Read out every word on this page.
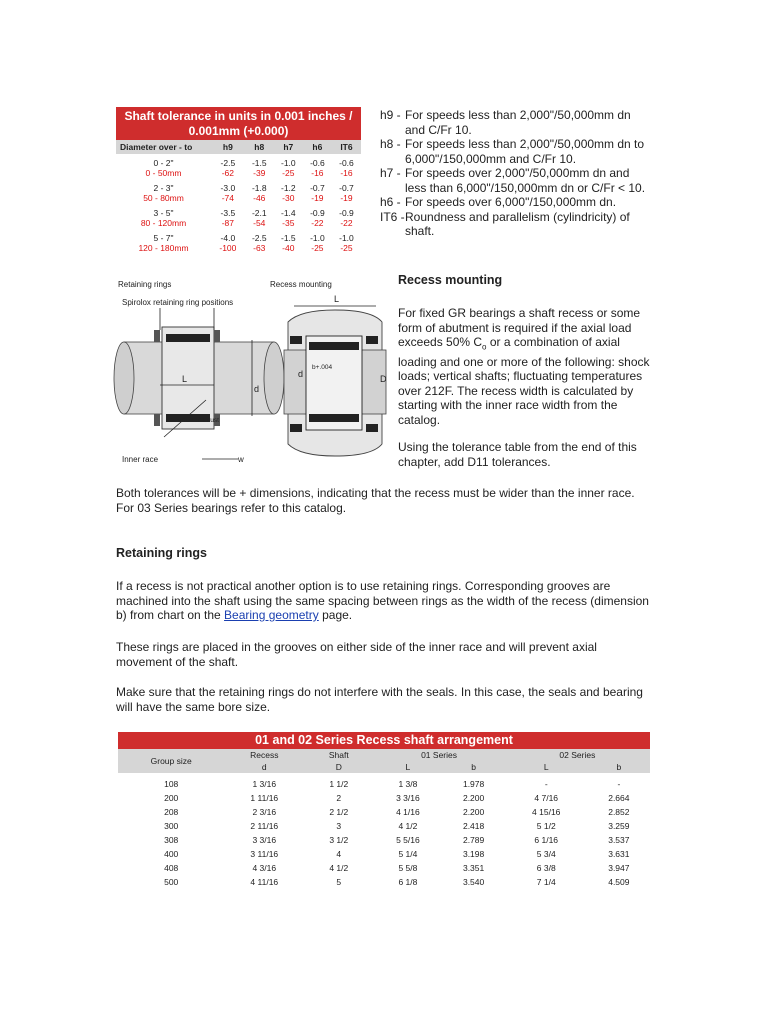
Shaft tolerance in units in 0.001 inches / 0.001mm (+0.000)
Diameter over - to	h9	h8	h7	h6	IT6
0 - 2"	-2.5	-1.5	-1.0	-0.6	-0.6
0 - 50mm	-62	-39	-25	-16	-16
2 - 3"	-3.0	-1.8	-1.2	-0.7	-0.7
50 - 80mm	-74	-46	-30	-19	-19
3 - 5"	-3.5	-2.1	-1.4	-0.9	-0.9
80 - 120mm	-87	-54	-35	-22	-22
5 - 7"	-4.0	-2.5	-1.5	-1.0	-1.0
120 - 180mm	-100	-63	-40	-25	-25
h9 - For speeds less than 2,000"/50,000mm dn and C/Fr 10.
h8 - For speeds less than 2,000"/50,000mm dn to 6,000"/150,000mm and C/Fr 10.
h7 - For speeds over 2,000"/50,000mm dn and less than 6,000"/150,000mm dn or C/Fr < 10.
h6 - For speeds over 6,000"/150,000mm dn.
IT6 - Roundness and parallelism (cylindricity) of shaft.
Retaining rings
Spirolox retaining ring positions
L
Direction of thrust
d
Inner race	w
Recess mounting
L
b+.004
d	D
Recess mounting
For fixed GR bearings a shaft recess or some form of abutment is required if the axial load exceeds 50% $C_o$ or a combination of axial loading and one or more of the following: shock loads; vertical shafts; fluctuating temperatures over 212F. The recess width is calculated by starting with the inner race width from the catalog.
Using the tolerance table from the end of this chapter, add D11 tolerances.
Both tolerances will be + dimensions, indicating that the recess must be wider than the inner race. For 03 Series bearings refer to this catalog.
Retaining rings
If a recess is not practical another option is to use retaining rings. Corresponding grooves are machined into the shaft using the same spacing between rings as the width of the recess (dimension b) from chart on the Bearing geometry page.
These rings are placed in the grooves on either side of the inner race and will prevent axial movement of the shaft.
Make sure that the retaining rings do not interfere with the seals. In this case, the seals and bearing will have the same bore size.
01 and 02 Series Recess shaft arrangement
Group size	Recess	Shaft	01 Series		02 Series	
	d	D	L	b	L	b
108	1 3/16	1 1/2	1 3/8	1.978	-	-
200	1 11/16	2	3 3/16	2.200	4 7/16	2.664
208	2 3/16	2 1/2	4 1/16	2.200	4 15/16	2.852
300	2 11/16	3	4 1/2	2.418	5 1/2	3.259
308	3 3/16	3 1/2	5 5/16	2.789	6 1/16	3.537
400	3 11/16	4	5 1/4	3.198	5 3/4	3.631
408	4 3/16	4 1/2	5 5/8	3.351	6 3/8	3.947
500	4 11/16	5	6 1/8	3.540	7 1/4	4.509
